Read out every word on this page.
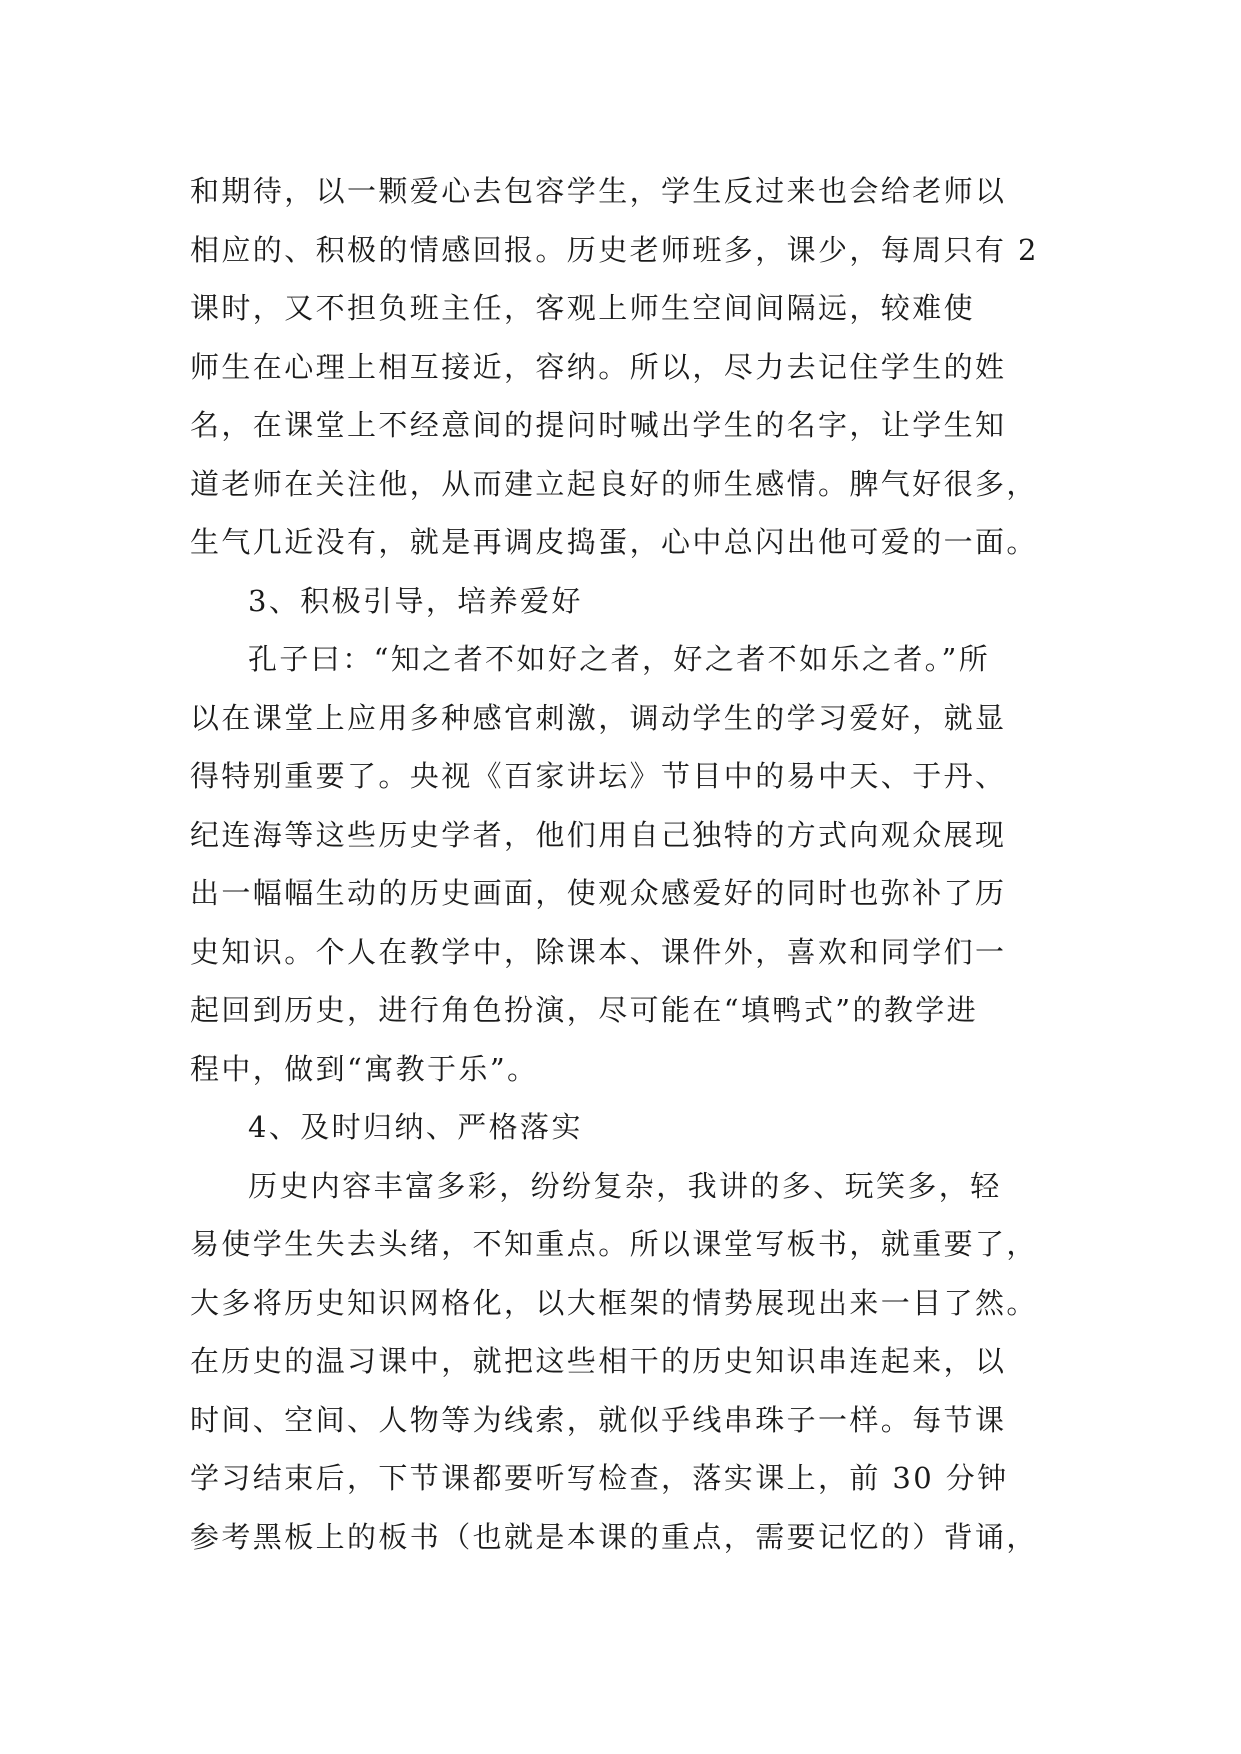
和期待，以一颗爱心去包容学生，学生反过来也会给老师以
相应的、积极的情感回报。历史老师班多，课少，每周只有 2
课时，又不担负班主任，客观上师生空间间隔远，较难使
师生在心理上相互接近，容纳。所以，尽力去记住学生的姓
名，在课堂上不经意间的提问时喊出学生的名字，让学生知
道老师在关注他，从而建立起良好的师生感情。脾气好很多，
生气几近没有，就是再调皮捣蛋，心中总闪出他可爱的一面。
3、积极引导，培养爱好
孔子曰：“知之者不如好之者，好之者不如乐之者。”所
以在课堂上应用多种感官刺激，调动学生的学习爱好，就显
得特别重要了。央视《百家讲坛》节目中的易中天、于丹、
纪连海等这些历史学者，他们用自己独特的方式向观众展现
出一幅幅生动的历史画面，使观众感爱好的同时也弥补了历
史知识。个人在教学中，除课本、课件外，喜欢和同学们一
起回到历史，进行角色扮演，尽可能在“填鸭式”的教学进
程中，做到“寓教于乐”。
4、及时归纳、严格落实
历史内容丰富多彩，纷纷复杂，我讲的多、玩笑多，轻
易使学生失去头绪，不知重点。所以课堂写板书，就重要了，
大多将历史知识网格化，以大框架的情势展现出来一目了然。
在历史的温习课中，就把这些相干的历史知识串连起来，以
时间、空间、人物等为线索，就似乎线串珠子一样。每节课
学习结束后，下节课都要听写检查，落实课上，前 30 分钟
参考黑板上的板书（也就是本课的重点，需要记忆的）背诵，
